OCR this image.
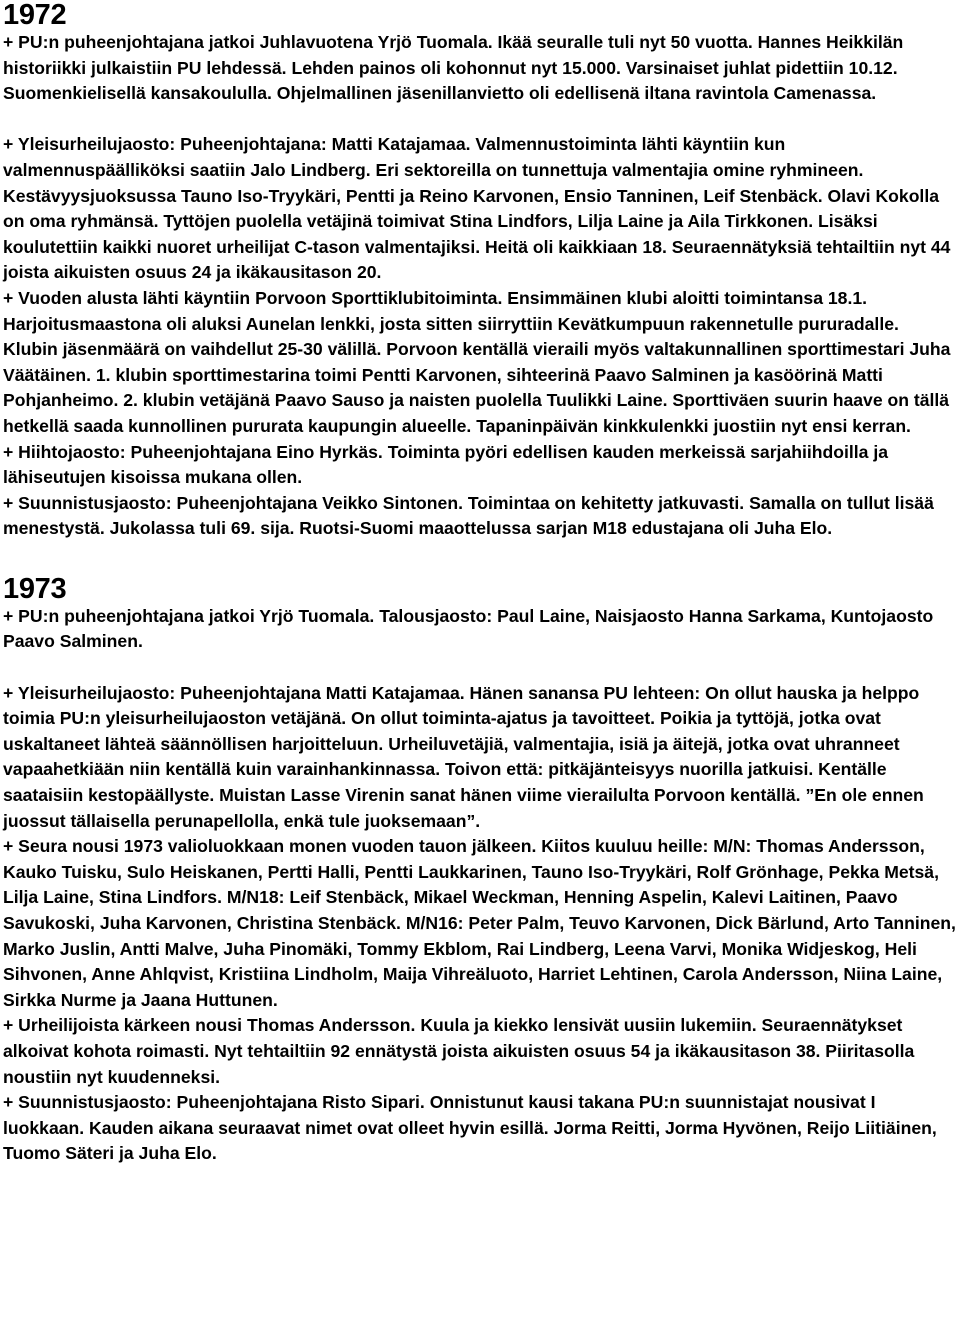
1972

+ PU:n puheenjohtajana jatkoi Juhlavuotena Yrjö Tuomala. Ikää seuralle tuli nyt 50 vuotta. Hannes Heikkilän historiikki julkaistiin PU lehdessä. Lehden painos oli kohonnut nyt 15.000. Varsinaiset juhlat pidettiin 10.12. Suomenkielisellä kansakoululla. Ohjelmallinen jäsenillanvietto oli edellisenä iltana ravintola Camenassa.

+ Yleisurheilujaosto: Puheenjohtajana: Matti Katajamaa. Valmennustoiminta lähti käyntiin kun valmennuspäälliköksi saatiin Jalo Lindberg. Eri sektoreilla on tunnettuja valmentajia omine ryhmineen. Kestävyysjuoksussa Tauno Iso-Tryykäri, Pentti ja Reino Karvonen, Ensio Tanninen, Leif Stenbäck. Olavi Kokolla on oma ryhmänsä. Tyttöjen puolella vetäjinä toimivat Stina Lindfors, Lilja Laine ja Aila Tirkkonen. Lisäksi koulutettiin kaikki nuoret urheilijat C-tason valmentajiksi. Heitä oli kaikkiaan 18. Seuraennätyksiä tehtailtiin nyt 44 joista aikuisten osuus 24 ja ikäkausitason 20.

+ Vuoden alusta lähti käyntiin Porvoon Sporttiklubitoiminta. Ensimmäinen klubi aloitti toimintansa 18.1. Harjoitusmaastona oli aluksi Aunelan lenkki, josta sitten siirryttiin Kevätkumpuun rakennetulle pururadalle. Klubin jäsenmäärä on vaihdellut 25-30 välillä. Porvoon kentällä vieraili myös valtakunnallinen sporttimestari Juha Väätäinen. 1. klubin sporttimestarina toimi Pentti Karvonen, sihteerinä Paavo Salminen ja kasöörinä Matti Pohjanheimo. 2. klubin vetäjänä Paavo Sauso ja naisten puolella Tuulikki Laine. Sporttiväen suurin haave on tällä hetkellä saada kunnollinen pururata kaupungin alueelle. Tapaninpäivän kinkkulenkki juostiin nyt ensi kerran.

+ Hiihtojaosto: Puheenjohtajana Eino Hyrkäs. Toiminta pyöri edellisen kauden merkeissä sarjahiihdoilla ja lähiseutujen kisoissa mukana ollen.

+ Suunnistusjaosto: Puheenjohtajana Veikko Sintonen. Toimintaa on kehitetty jatkuvasti. Samalla on tullut lisää menestystä. Jukolassa tuli 69. sija. Ruotsi-Suomi maaottelussa sarjan M18 edustajana oli Juha Elo.

1973

+ PU:n puheenjohtajana jatkoi Yrjö Tuomala. Talousjaosto: Paul Laine, Naisjaosto Hanna Sarkama, Kuntojaosto Paavo Salminen.

+ Yleisurheilujaosto: Puheenjohtajana Matti Katajamaa. Hänen sanansa PU lehteen: On ollut hauska ja helppo toimia PU:n yleisurheilujaoston vetäjänä. On ollut toiminta-ajatus ja tavoitteet. Poikia ja tyttöjä, jotka ovat uskaltaneet lähteä säännöllisen harjoitteluun. Urheiluvetäjiä, valmentajia, isiä ja äitejä, jotka ovat uhranneet vapaahetkiään niin kentällä kuin varainhankinnassa. Toivon että: pitkäjänteisyys nuorilla jatkuisi. Kentälle saataisiin kestopäällyste. Muistan Lasse Virenin sanat hänen viime vierailulta Porvoon kentällä. ”En ole ennen juossut tällaisella perunapellolla, enkä tule juoksemaan”.

+ Seura nousi 1973 valioluokkaan monen vuoden tauon jälkeen. Kiitos kuuluu heille: M/N: Thomas Andersson, Kauko Tuisku, Sulo Heiskanen, Pertti Halli, Pentti Laukkarinen, Tauno Iso-Tryykäri, Rolf Grönhage, Pekka Metsä, Lilja Laine, Stina Lindfors. M/N18: Leif Stenbäck, Mikael Weckman, Henning Aspelin, Kalevi Laitinen, Paavo Savukoski, Juha Karvonen, Christina Stenbäck. M/N16: Peter Palm, Teuvo Karvonen, Dick Bärlund, Arto Tanninen, Marko Juslin, Antti Malve, Juha Pinomäki, Tommy Ekblom, Rai Lindberg, Leena Varvi, Monika Widjeskog, Heli Sihvonen, Anne Ahlqvist, Kristiina Lindholm, Maija Vihreäluoto, Harriet Lehtinen, Carola Andersson, Niina Laine, Sirkka Nurme ja Jaana Huttunen.

+ Urheilijoista kärkeen nousi Thomas Andersson. Kuula ja kiekko lensivät uusiin lukemiin. Seuraennätykset alkoivat kohota roimasti. Nyt tehtailtiin 92 ennätystä joista aikuisten osuus 54 ja ikäkausitason 38. Piiritasolla noustiin nyt kuudenneksi.

+ Suunnistusjaosto: Puheenjohtajana Risto Sipari. Onnistunut kausi takana PU:n suunnistajat nousivat I luokkaan. Kauden aikana seuraavat nimet ovat olleet hyvin esillä. Jorma Reitti, Jorma Hyvönen, Reijo Liitiäinen, Tuomo Säteri ja Juha Elo.
